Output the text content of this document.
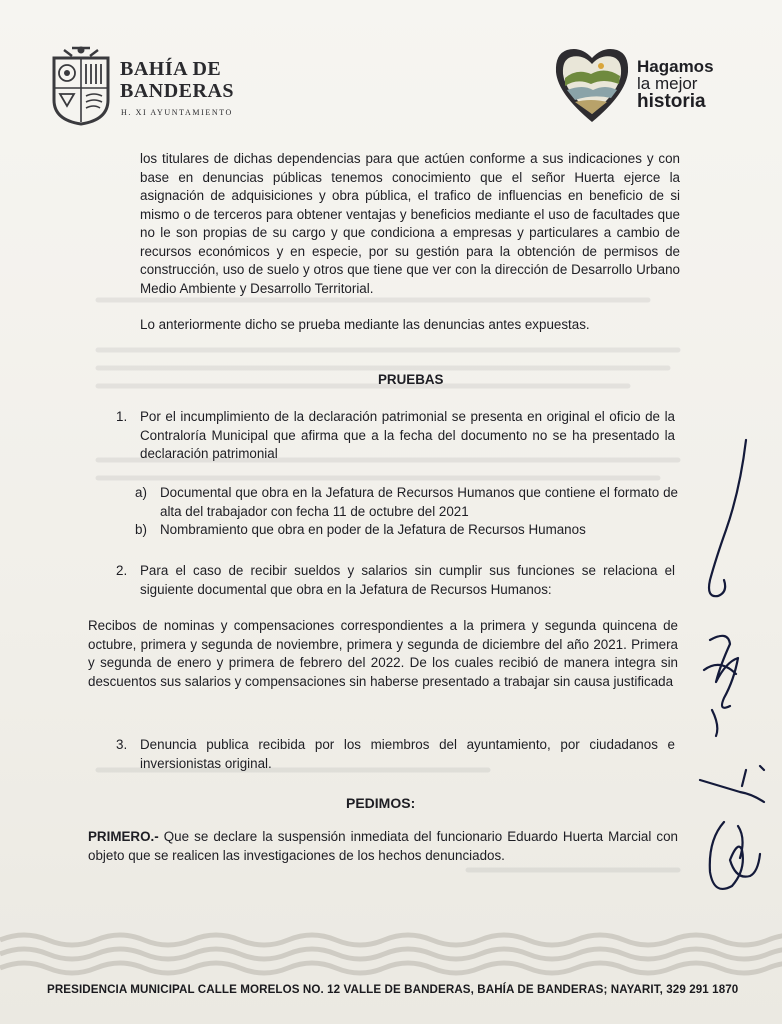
BAHÍA DE
BANDERAS
H. XI AYUNTAMIENTO
Hagamos
la mejor
historia
los titulares de dichas dependencias para que actúen conforme a sus indicaciones y con base en denuncias públicas tenemos conocimiento que el señor Huerta ejerce la asignación de adquisiciones y obra pública, el trafico de influencias en beneficio de si mismo o de terceros para obtener ventajas y beneficios mediante el uso de facultades que no le son propias de su cargo y que condiciona a empresas y particulares a cambio de recursos económicos y en especie, por su gestión para la obtención de permisos de construcción, uso de suelo y otros que tiene que ver con la dirección de Desarrollo Urbano Medio Ambiente y Desarrollo Territorial.
Lo anteriormente dicho se prueba mediante las denuncias antes expuestas.
PRUEBAS
1. Por el incumplimiento de la declaración patrimonial se presenta en original el oficio de la Contraloría Municipal que afirma que a la fecha del documento no se ha presentado la declaración patrimonial
a) Documental que obra en la Jefatura de Recursos Humanos que contiene el formato de alta del trabajador con fecha 11 de octubre del 2021
b) Nombramiento que obra en poder de la Jefatura de Recursos Humanos
2. Para el caso de recibir sueldos y salarios sin cumplir sus funciones se relaciona el siguiente documental que obra en la Jefatura de Recursos Humanos:
Recibos de nominas y compensaciones correspondientes a la primera y segunda quincena de octubre, primera y segunda de noviembre, primera y segunda de diciembre del año 2021. Primera y segunda de enero y primera de febrero del 2022. De los cuales recibió de manera integra sin descuentos sus salarios y compensaciones sin haberse presentado a trabajar sin causa justificada
3. Denuncia publica recibida por los miembros del ayuntamiento, por ciudadanos e inversionistas original.
PEDIMOS:
PRIMERO.- Que se declare la suspensión inmediata del funcionario Eduardo Huerta Marcial con objeto que se realicen las investigaciones de los hechos denunciados.
PRESIDENCIA MUNICIPAL CALLE MORELOS NO. 12 VALLE DE BANDERAS, BAHÍA DE BANDERAS; NAYARIT, 329 291 1870
